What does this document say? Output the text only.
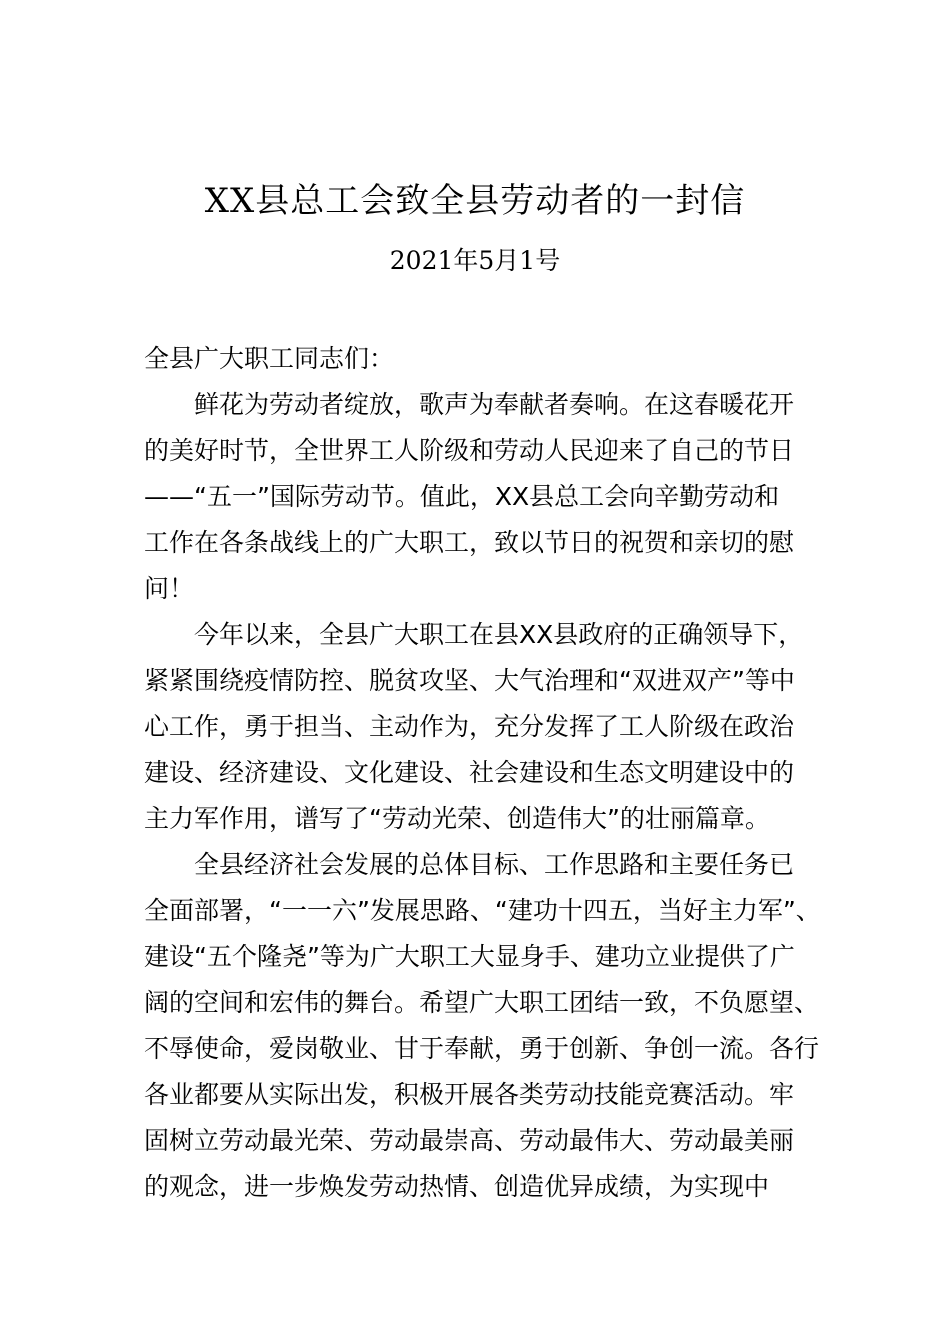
XX县总工会致全县劳动者的一封信
2021年5月1号
全县广大职工同志们：
鲜花为劳动者绽放，歌声为奉献者奏响。在这春暖花开
的美好时节，全世界工人阶级和劳动人民迎来了自己的节日
——“五一”国际劳动节。值此，XX县总工会向辛勤劳动和
工作在各条战线上的广大职工，致以节日的祝贺和亲切的慰
问！
今年以来，全县广大职工在县XX县政府的正确领导下，
紧紧围绕疫情防控、脱贫攻坚、大气治理和“双进双产”等中
心工作，勇于担当、主动作为，充分发挥了工人阶级在政治
建设、经济建设、文化建设、社会建设和生态文明建设中的
主力军作用，谱写了“劳动光荣、创造伟大”的壮丽篇章。
全县经济社会发展的总体目标、工作思路和主要任务已
全面部署，“一一六”发展思路、“建功十四五，当好主力军”、
建设“五个隆尧”等为广大职工大显身手、建功立业提供了广
阔的空间和宏伟的舞台。希望广大职工团结一致，不负愿望、
不辱使命，爱岗敬业、甘于奉献，勇于创新、争创一流。各行
各业都要从实际出发，积极开展各类劳动技能竞赛活动。牢
固树立劳动最光荣、劳动最崇高、劳动最伟大、劳动最美丽
的观念，进一步焕发劳动热情、创造优异成绩，为实现中
